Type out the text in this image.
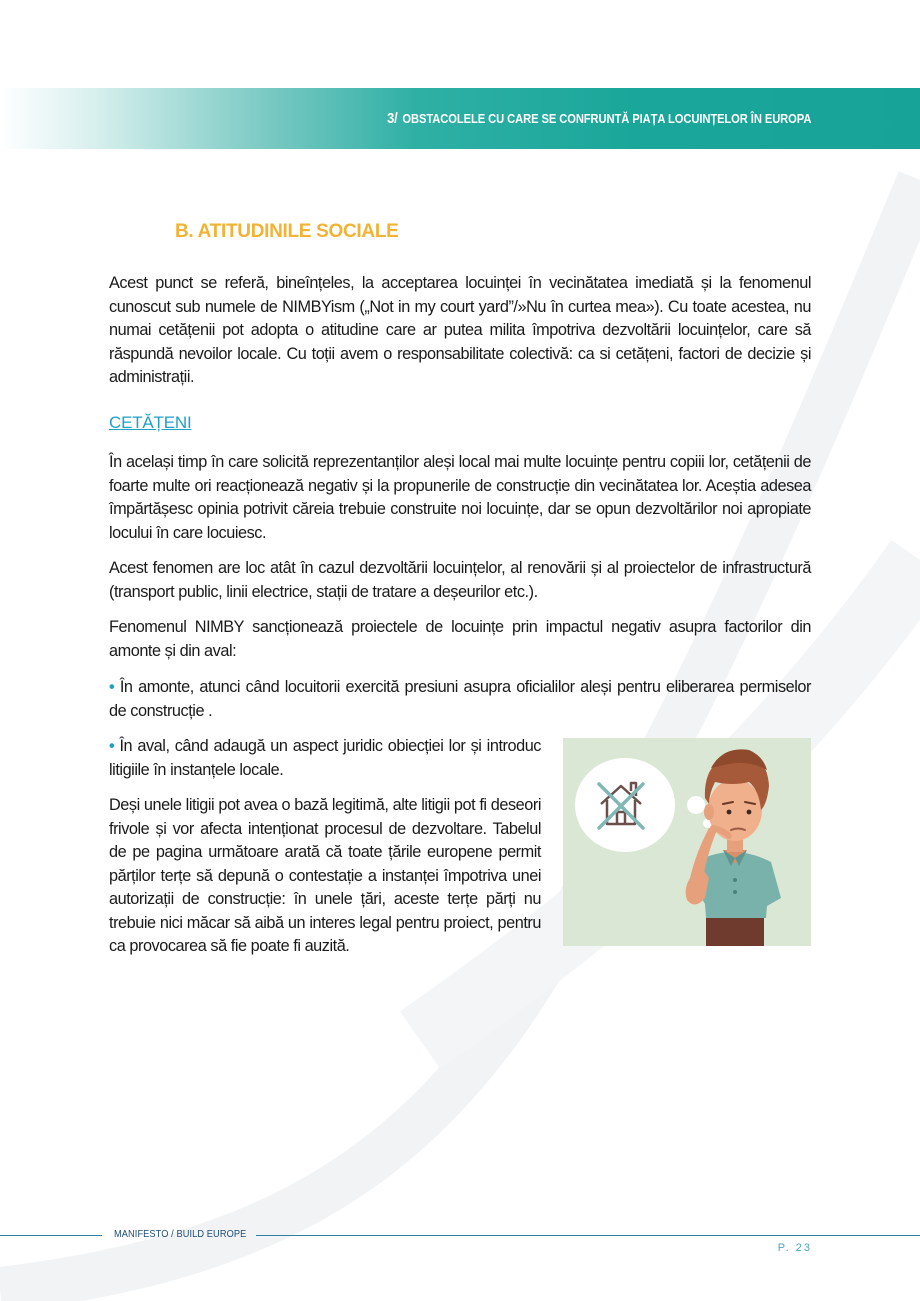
3/ OBSTACOLELE CU CARE SE CONFRUNTĂ PIAȚA LOCUINȚELOR ÎN EUROPA
B. ATITUDINILE SOCIALE

Acest punct se referă, bineînțeles, la acceptarea locuinței în vecinătatea imediată și la fenomenul cunoscut sub numele de NIMBYism („Not in my court yard”/»Nu în curtea mea»). Cu toate acestea, nu numai cetățenii pot adopta o atitudine care ar putea milita împotriva dezvoltării locuințelor, care să răspundă nevoilor locale. Cu toții avem o responsabilitate colectivă: ca si cetățeni, factori de decizie și administrații.

CETĂȚENI

În același timp în care solicită reprezentanților aleși local mai multe locuințe pentru copiii lor, cetățenii de foarte multe ori reacționează negativ și la propunerile de construcție din vecinătatea lor. Aceștia adesea împărtășesc opinia potrivit căreia trebuie construite noi locuințe, dar se opun dezvoltărilor noi apropiate locului în care locuiesc.

Acest fenomen are loc atât în cazul dezvoltării locuințelor, al renovării și al proiectelor de infrastructură (transport public, linii electrice, stații de tratare a deșeurilor etc.).

Fenomenul NIMBY sancționează proiectele de locuințe prin impactul negativ asupra factorilor din amonte și din aval:

• În amonte, atunci când locuitorii exercită presiuni asupra oficialilor aleși pentru eliberarea permiselor de construcție .

• În aval, când adaugă un aspect juridic obiecției lor și introduc litigiile în instanțele locale.

Deși unele litigii pot avea o bază legitimă, alte litigii pot fi deseori frivole și vor afecta intenționat procesul de dezvoltare. Tabelul de pe pagina următoare arată că toate țările europene permit părților terțe să depună o contestație a instanței împotriva unei autorizații de construcție: în unele țări, aceste terțe părți nu trebuie nici măcar să aibă un interes legal pentru proiect, pentru ca provocarea să fie poate fi auzită.

MANIFESTO / BUILD EUROPE
P. 23
